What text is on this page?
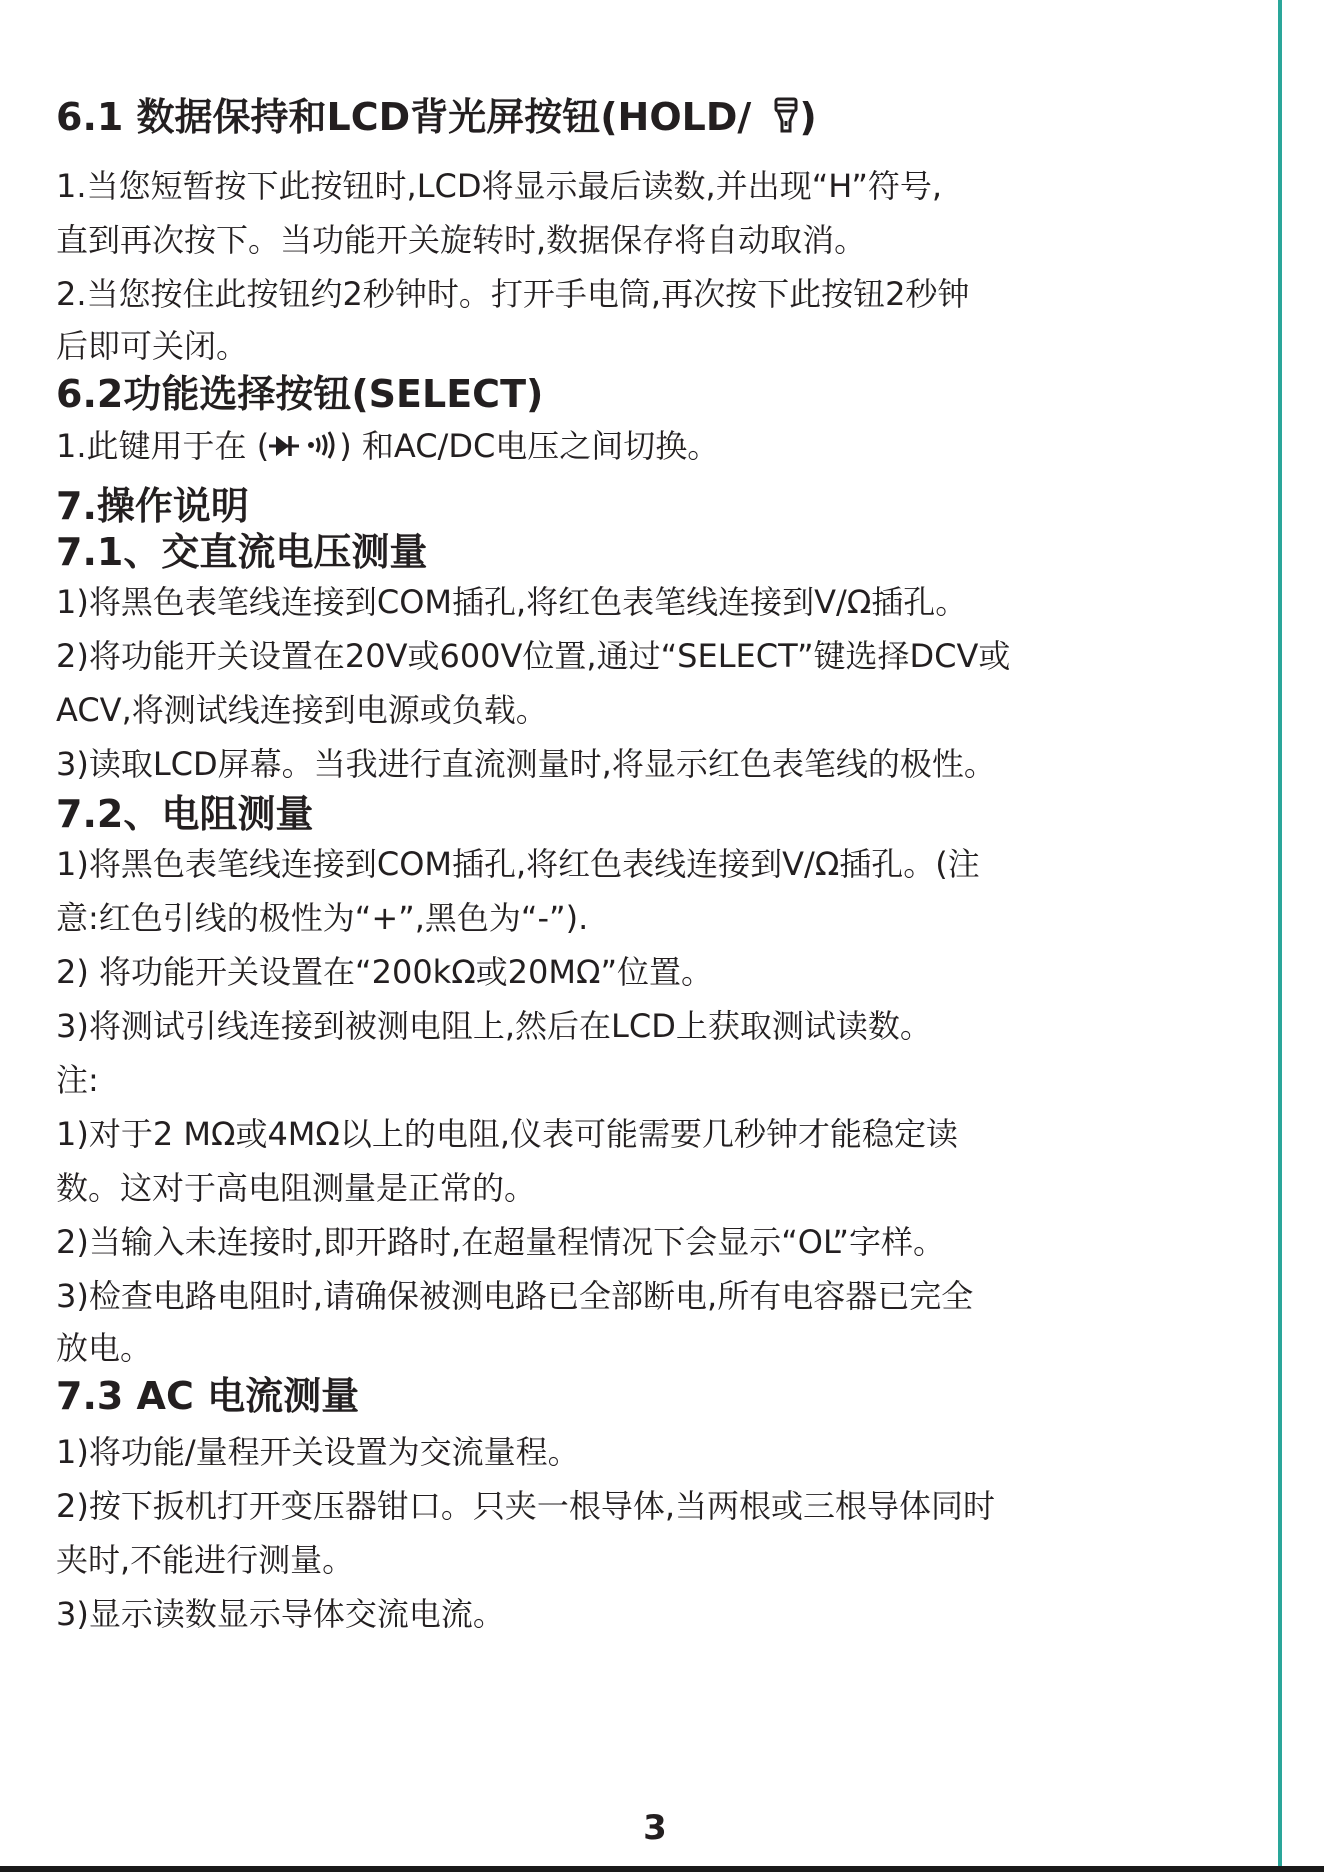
6.1 数据保持和LCD背光屏按钮(HOLD/ )
1.当您短暂按下此按钮时,LCD将显示最后读数,并出现“H”符号,
直到再次按下。当功能开关旋转时,数据保存将自动取消。
2.当您按住此按钮约2秒钟时。打开手电筒,再次按下此按钮2秒钟
后即可关闭。
6.2功能选择按钮(SELECT)
1.此键用于在 ( ) 和AC/DC电压之间切换。
7.操作说明
7.1、交直流电压测量
1)将黑色表笔线连接到COM插孔,将红色表笔线连接到V/Ω插孔。
2)将功能开关设置在20V或600V位置,通过“SELECT”键选择DCV或
ACV,将测试线连接到电源或负载。
3)读取LCD屏幕。当我进行直流测量时,将显示红色表笔线的极性。
7.2、电阻测量
1)将黑色表笔线连接到COM插孔,将红色表线连接到V/Ω插孔。(注
意:红色引线的极性为“+”,黑色为“-”).
2) 将功能开关设置在“200kΩ或20MΩ”位置。
3)将测试引线连接到被测电阻上,然后在LCD上获取测试读数。
注:
1)对于2 MΩ或4MΩ以上的电阻,仪表可能需要几秒钟才能稳定读
数。这对于高电阻测量是正常的。
2)当输入未连接时,即开路时,在超量程情况下会显示“OL”字样。
3)检查电路电阻时,请确保被测电路已全部断电,所有电容器已完全
放电。
7.3 AC 电流测量
1)将功能/量程开关设置为交流量程。
2)按下扳机打开变压器钳口。只夹一根导体,当两根或三根导体同时
夹时,不能进行测量。
3)显示读数显示导体交流电流。
3
